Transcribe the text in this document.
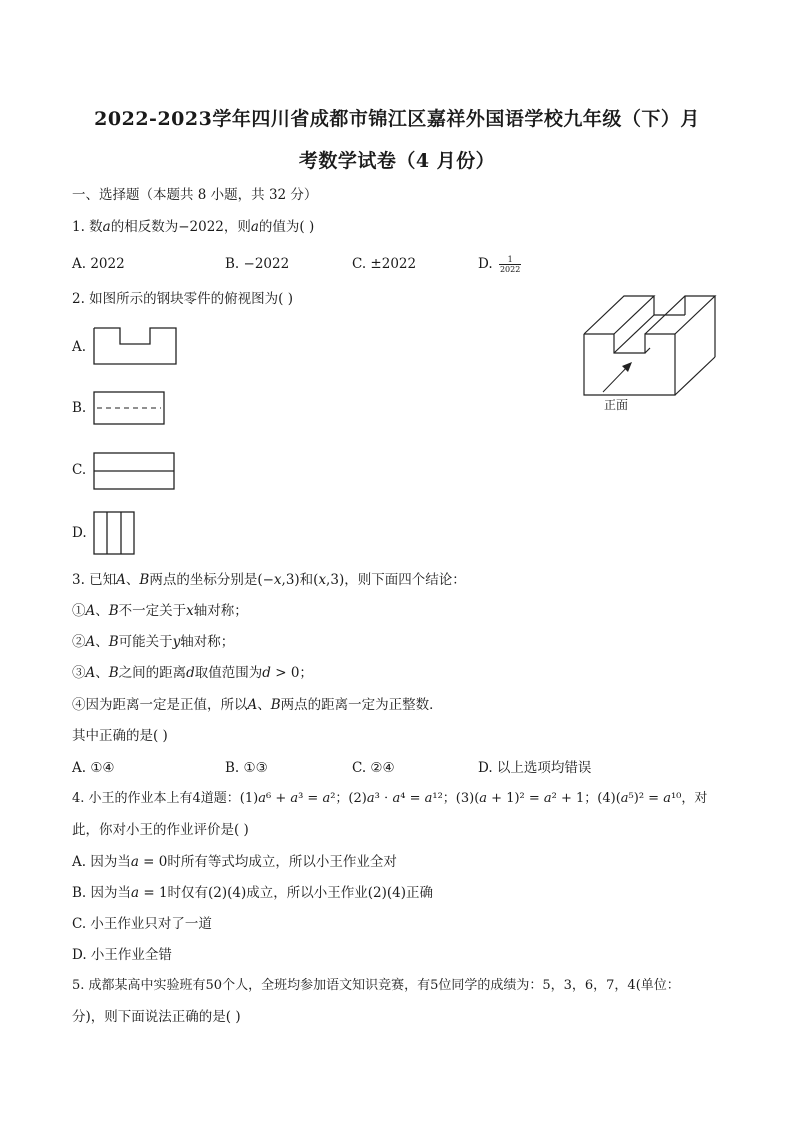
2022-2023学年四川省成都市锦江区嘉祥外国语学校九年级（下）月
考数学试卷（4 月份）
一、选择题（本题共 8 小题，共 32 分）
1. 数𝑎的相反数为−2022，则𝑎的值为( )
A. 2022	B. −2022	C. ±2022	D. $\frac{1}{2022}$
2. 如图所示的钢块零件的俯视图为( )
A.
B.
C.
D.
正面
3. 已知𝐴、𝐵两点的坐标分别是(−𝑥,3)和(𝑥,3)，则下面四个结论：
①𝐴、𝐵不一定关于𝑥轴对称；
②𝐴、𝐵可能关于𝑦轴对称；
③𝐴、𝐵之间的距离𝑑取值范围为𝑑 > 0；
④因为距离一定是正值，所以𝐴、𝐵两点的距离一定为正整数．
其中正确的是( )
A. ①④	B. ①③	C. ②④	D. 以上选项均错误
4. 小王的作业本上有4道题：(1)𝑎⁶ + 𝑎³ = 𝑎²；(2)𝑎³ ⋅ 𝑎⁴ = 𝑎¹²；(3)(𝑎 + 1)² = 𝑎² + 1；(4)(𝑎⁵)² = 𝑎¹⁰，对
此，你对小王的作业评价是( )
A. 因为当𝑎 = 0时所有等式均成立，所以小王作业全对
B. 因为当𝑎 = 1时仅有(2)(4)成立，所以小王作业(2)(4)正确
C. 小王作业只对了一道
D. 小王作业全错
5. 成都某高中实验班有50个人，全班均参加语文知识竞赛，有5位同学的成绩为：5，3，6，7，4(单位：
分)，则下面说法正确的是( )
